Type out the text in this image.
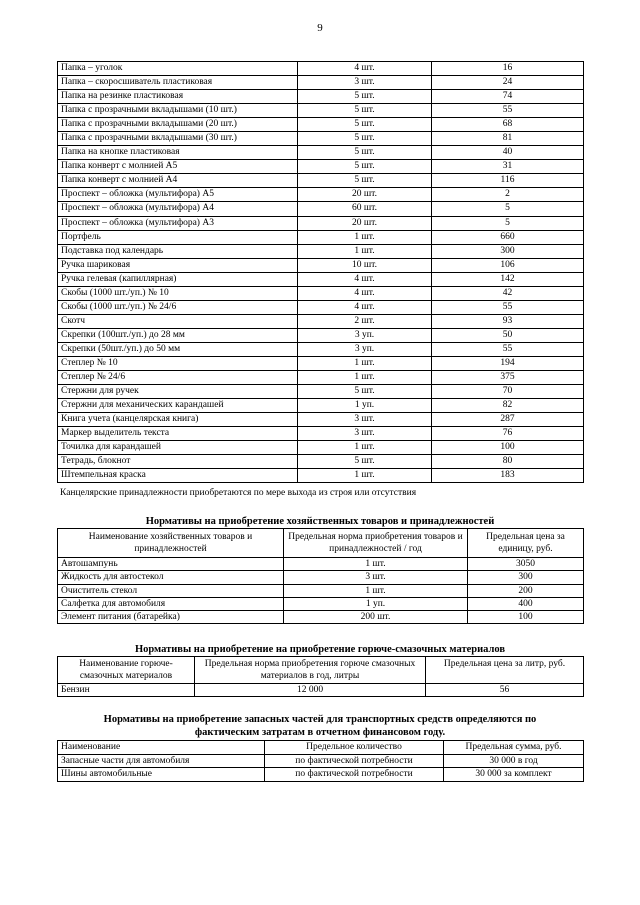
9
Папка – уголок	4 шт.	16
Папка – скоросшиватель пластиковая	3 шт.	24
Папка на резинке пластиковая	5 шт.	74
Папка с прозрачными вкладышами (10 шт.)	5 шт.	55
Папка с прозрачными вкладышами (20 шт.)	5 шт.	68
Папка с прозрачными вкладышами (30 шт.)	5 шт.	81
Папка на кнопке пластиковая	5 шт.	40
Папка конверт с молнией А5	5 шт.	31
Папка конверт с молнией А4	5 шт.	116
Проспект – обложка (мультифора) А5	20 шт.	2
Проспект – обложка (мультифора) А4	60 шт.	5
Проспект – обложка (мультифора) А3	20 шт.	5
Портфель	1 шт.	660
Подставка под календарь	1 шт.	300
Ручка шариковая	10 шт.	106
Ручка гелевая (капиллярная)	4 шт.	142
Скобы (1000 шт./уп.) № 10	4 шт.	42
Скобы (1000 шт./уп.) № 24/6	4 шт.	55
Скотч	2 шт.	93
Скрепки (100шт./уп.) до 28 мм	3 уп.	50
Скрепки (50шт./уп.) до 50 мм	3 уп.	55
Степлер № 10	1 шт.	194
Степлер № 24/6	1 шт.	375
Стержни для ручек	5 шт.	70
Стержни для механических карандашей	1 уп.	82
Книга учета (канцелярская книга)	3 шт.	287
Маркер выделитель текста	3 шт.	76
Точилка для карандашей	1 шт.	100
Тетрадь, блокнот	5 шт.	80
Штемпельная краска	1 шт.	183
Канцелярские принадлежности приобретаются по мере выхода из строя или отсутствия
Нормативы на приобретение хозяйственных товаров и принадлежностей
Наименование хозяйственных товаров и принадлежностей	Предельная норма приобретения товаров и принадлежностей / год	Предельная цена за единицу, руб.
Автошампунь	1 шт.	3050
Жидкость для автостекол	3 шт.	300
Очиститель стекол	1 шт.	200
Салфетка для автомобиля	1 уп.	400
Элемент питания (батарейка)	200 шт.	100
Нормативы на приобретение на приобретение горюче-смазочных материалов
Наименование горюче-смазочных материалов	Предельная норма приобретения горюче смазочных материалов в год, литры	Предельная цена за литр, руб.
Бензин	12 000	56
Нормативы на приобретение запасных частей для транспортных средств определяются по
фактическим затратам в отчетном финансовом году.
Наименование	Предельное количество	Предельная сумма, руб.
Запасные части для автомобиля	по фактической потребности	30 000 в год
Шины автомобильные	по фактической потребности	30 000 за комплект
